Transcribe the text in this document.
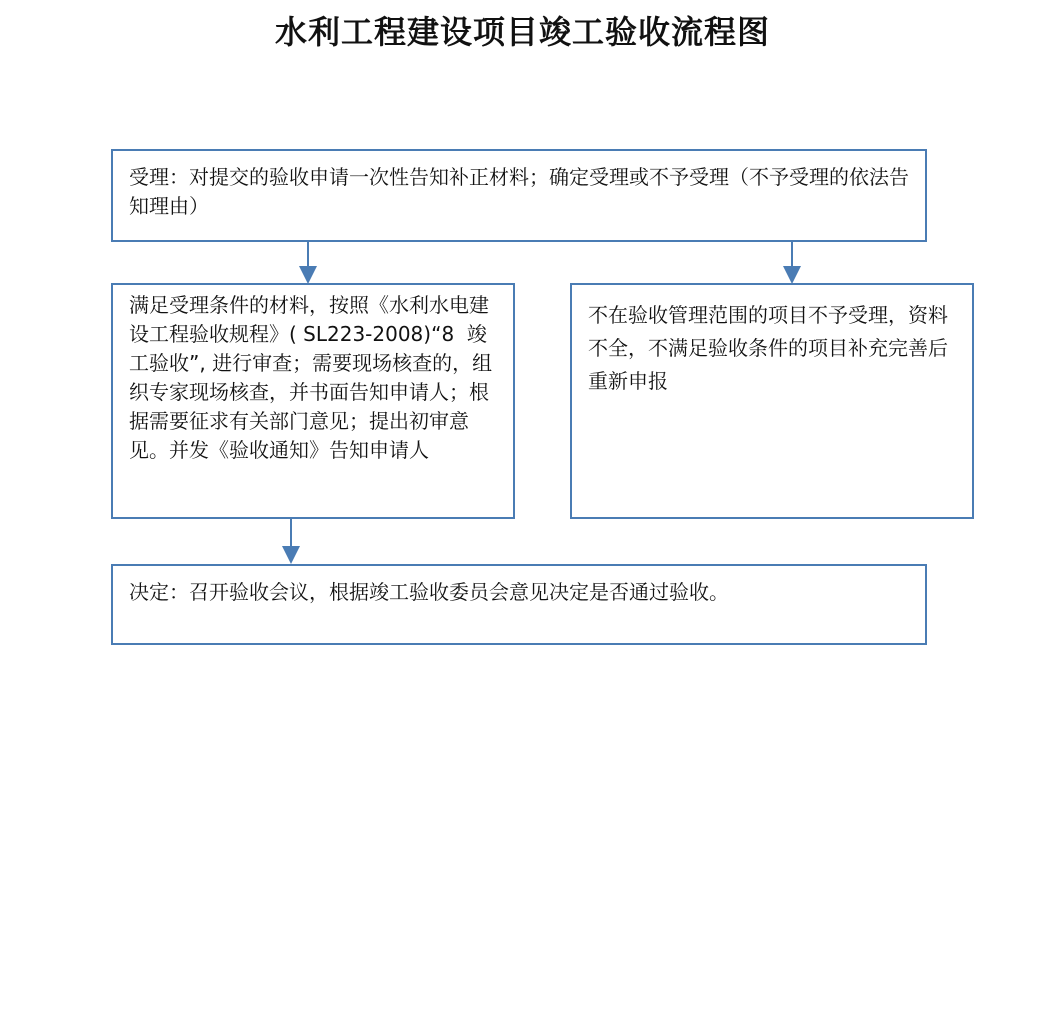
水利工程建设项目竣工验收流程图
受理：对提交的验收申请一次性告知补正材料；确定受理或不予受理（不予受理的依法告知理由）
满足受理条件的材料，按照《水利水电建设工程验收规程》( SL223-2008)“8  竣工验收”, 进行审查；需要现场核查的，组织专家现场核查，并书面告知申请人；根据需要征求有关部门意见；提出初审意见。并发《验收通知》告知申请人
不在验收管理范围的项目不予受理，资料不全，不满足验收条件的项目补充完善后重新申报
决定：召开验收会议，根据竣工验收委员会意见决定是否通过验收。
